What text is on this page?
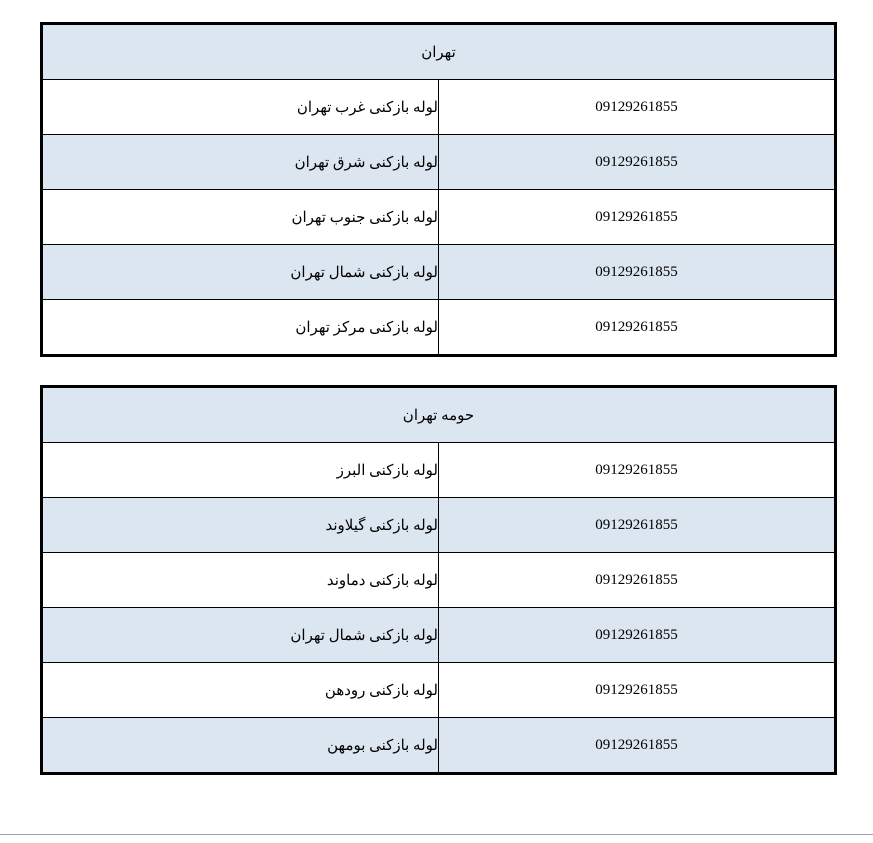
تهران	
09129261855	لوله بازکنی غرب تهران
09129261855	لوله بازکنی شرق تهران
09129261855	لوله بازکنی جنوب تهران
09129261855	لوله بازکنی شمال تهران
09129261855	لوله بازکنی مرکز تهران
حومه تهران	
09129261855	لوله بازکنی البرز
09129261855	لوله بازکنی گیلاوند
09129261855	لوله بازکنی دماوند
09129261855	لوله بازکنی شمال تهران
09129261855	لوله بازکنی رودهن
09129261855	لوله بازکنی بومهن
